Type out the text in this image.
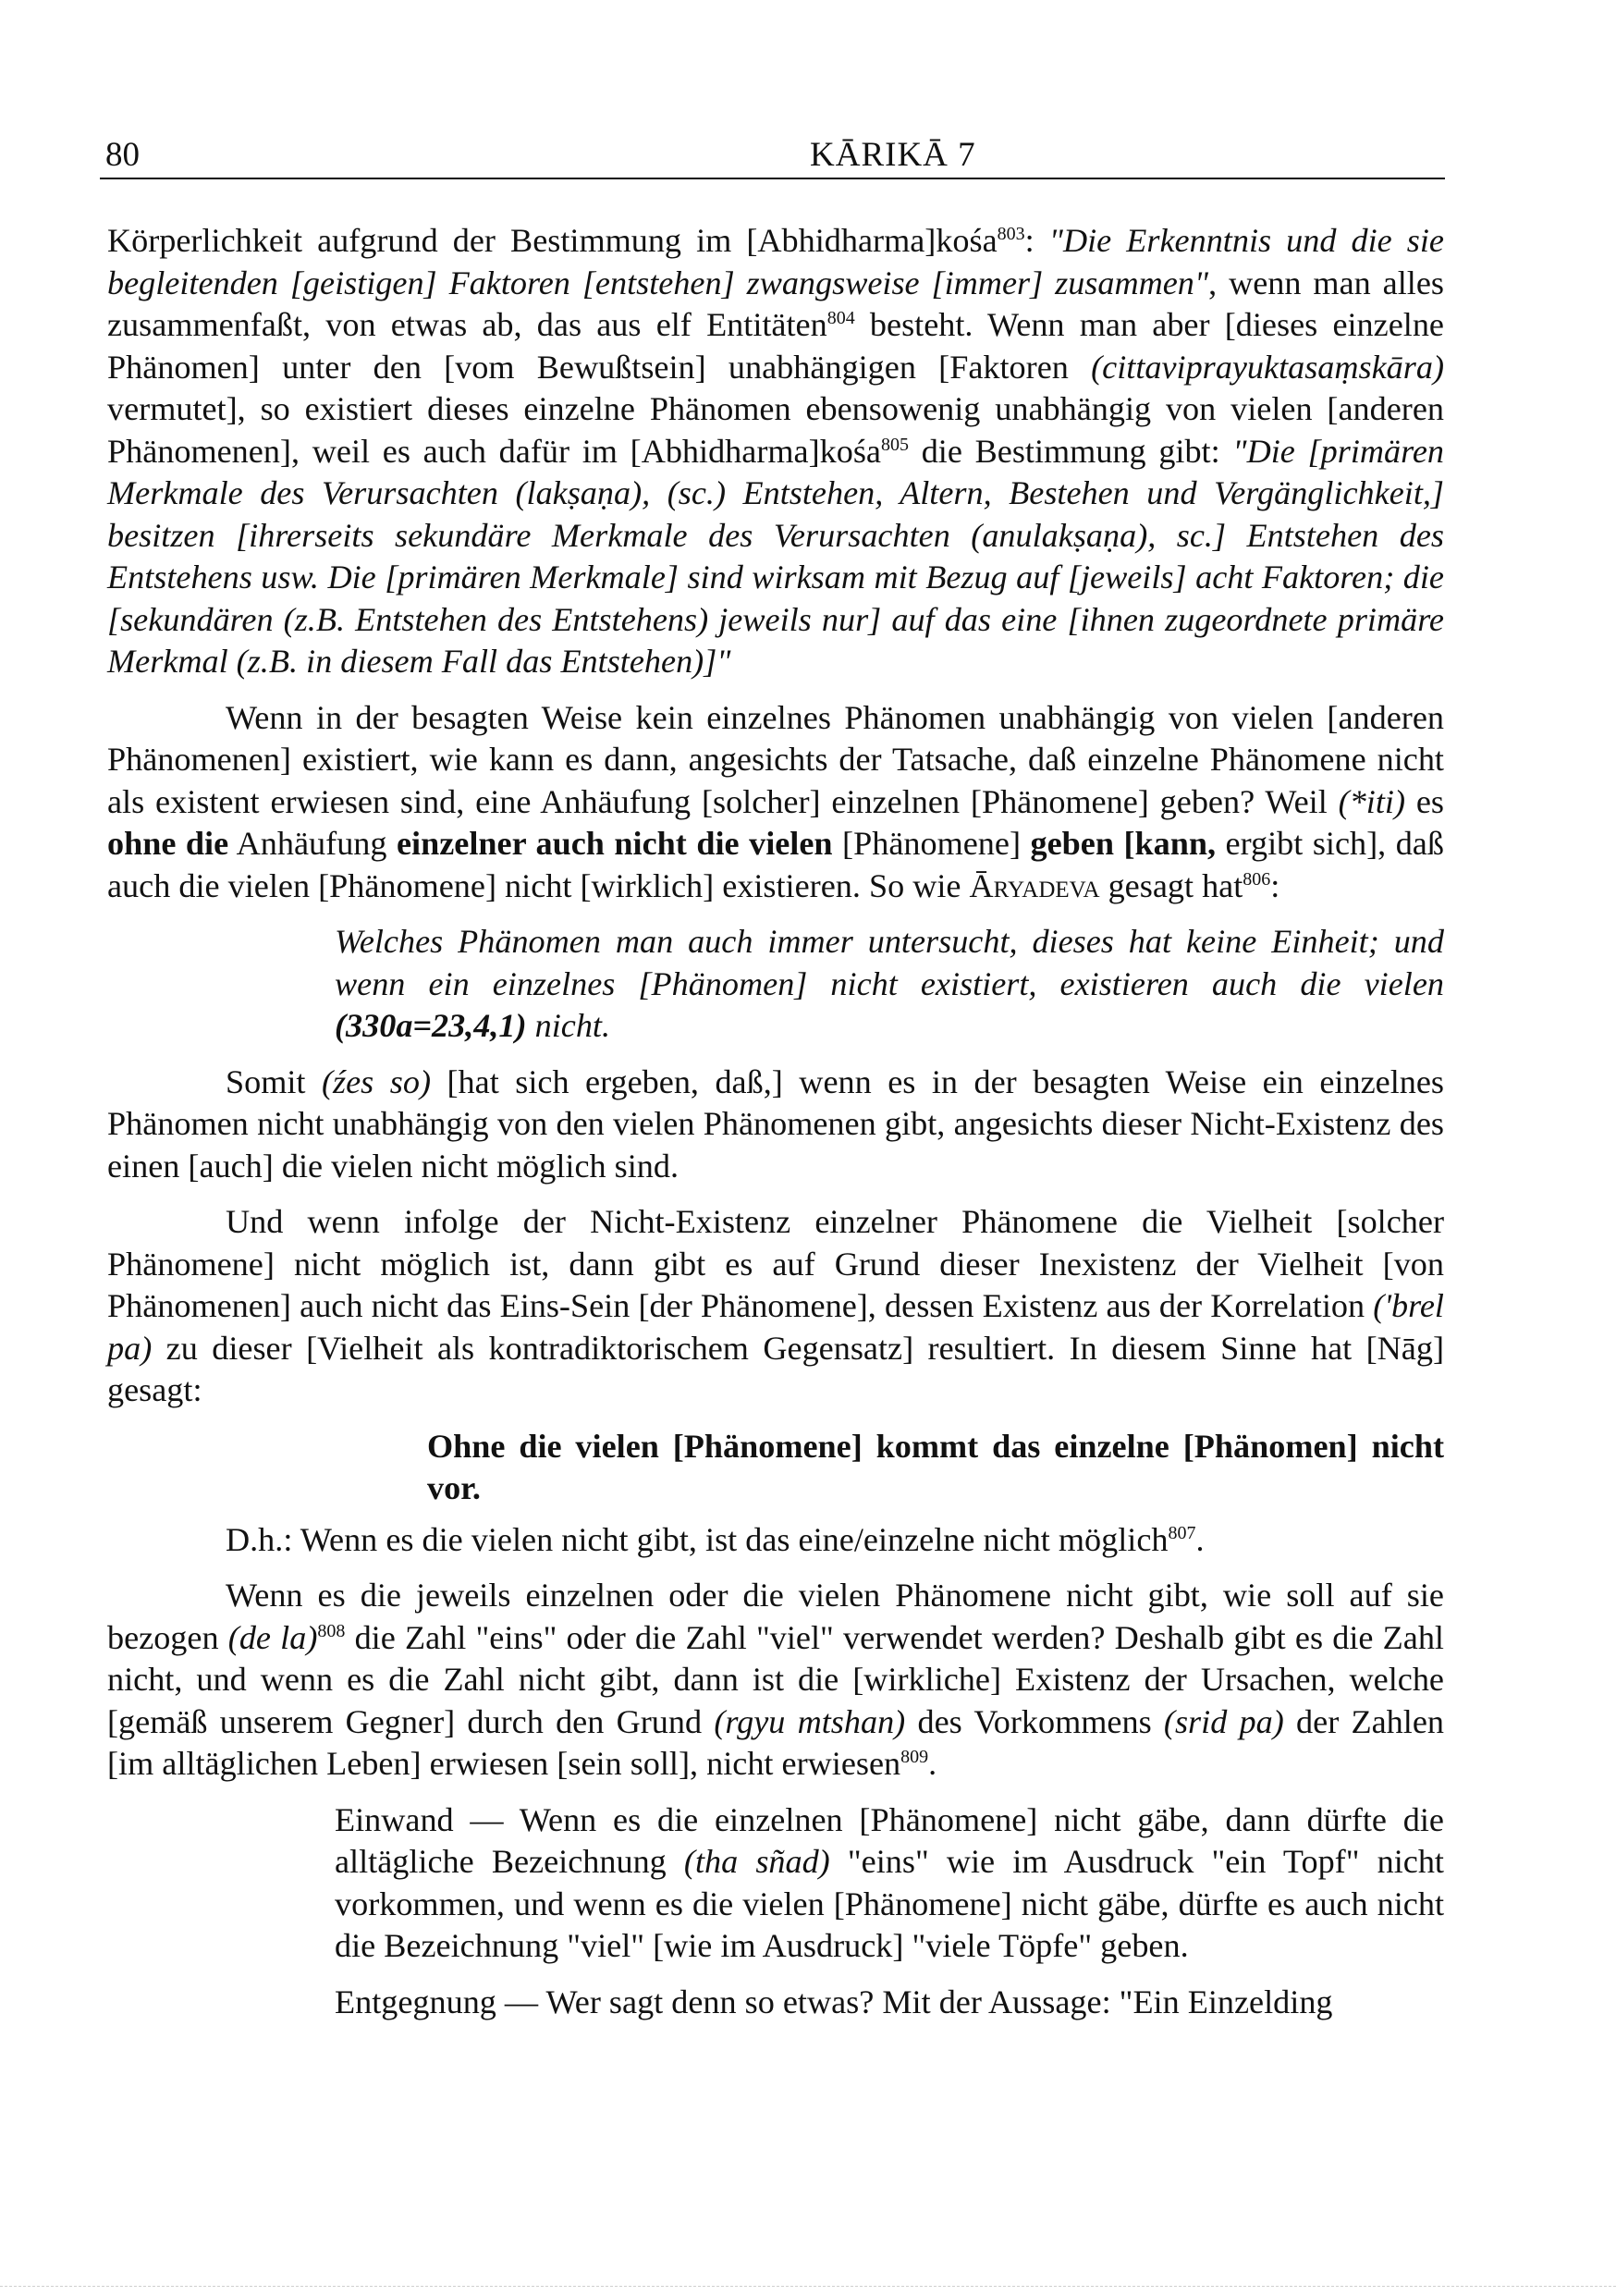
80	KĀRIKĀ 7

Körperlichkeit aufgrund der Bestimmung im [Abhidharma]kośa$^{803}$: "Die Erkenntnis und die sie begleitenden [geistigen] Faktoren [entstehen] zwangsweise [immer] zusammen", wenn man alles zusammenfaßt, von etwas ab, das aus elf Entitäten$^{804}$ besteht. Wenn man aber [dieses einzelne Phänomen] unter den [vom Bewußtsein] unabhängigen [Faktoren (cittaviprayuktasaṃskāra) vermutet], so existiert dieses einzelne Phänomen ebensowenig unabhängig von vielen [anderen Phänomenen], weil es auch dafür im [Abhidharma]kośa$^{805}$ die Bestimmung gibt: "Die [primären Merkmale des Verursachten (lakṣaṇa), (sc.) Entstehen, Altern, Bestehen und Vergänglichkeit,] besitzen [ihrerseits sekundäre Merkmale des Verursachten (anulakṣaṇa), sc.] Entstehen des Entstehens usw. Die [primären Merkmale] sind wirksam mit Bezug auf [jeweils] acht Faktoren; die [sekundären (z.B. Entstehen des Entstehens) jeweils nur] auf das eine [ihnen zugeordnete primäre Merkmal (z.B. in diesem Fall das Entstehen)]"

Wenn in der besagten Weise kein einzelnes Phänomen unabhängig von vielen [anderen Phänomenen] existiert, wie kann es dann, angesichts der Tatsache, daß einzelne Phänomene nicht als existent erwiesen sind, eine Anhäufung [solcher] einzelnen [Phänomene] geben? Weil (*iti) es ohne die Anhäufung einzelner auch nicht die vielen [Phänomene] geben [kann, ergibt sich], daß auch die vielen [Phänomene] nicht [wirklich] existieren. So wie Āryadeva gesagt hat$^{806}$:

Welches Phänomen man auch immer untersucht, dieses hat keine Einheit; und wenn ein einzelnes [Phänomen] nicht existiert, existieren auch die vielen (330a=23,4,1) nicht.

Somit (źes so) [hat sich ergeben, daß,] wenn es in der besagten Weise ein einzelnes Phänomen nicht unabhängig von den vielen Phänomenen gibt, angesichts dieser Nicht-Existenz des einen [auch] die vielen nicht möglich sind.

Und wenn infolge der Nicht-Existenz einzelner Phänomene die Vielheit [solcher Phänomene] nicht möglich ist, dann gibt es auf Grund dieser Inexistenz der Vielheit [von Phänomenen] auch nicht das Eins-Sein [der Phänomene], dessen Existenz aus der Korrelation ('brel pa) zu dieser [Vielheit als kontradiktorischem Gegensatz] resultiert. In diesem Sinne hat [Nāg] gesagt:

Ohne die vielen [Phänomene] kommt das einzelne [Phänomen] nicht vor.

D.h.: Wenn es die vielen nicht gibt, ist das eine/einzelne nicht möglich$^{807}$.

Wenn es die jeweils einzelnen oder die vielen Phänomene nicht gibt, wie soll auf sie bezogen (de la)$^{808}$ die Zahl "eins" oder die Zahl "viel" verwendet werden? Deshalb gibt es die Zahl nicht, und wenn es die Zahl nicht gibt, dann ist die [wirkliche] Existenz der Ursachen, welche [gemäß unserem Gegner] durch den Grund (rgyu mtshan) des Vorkommens (srid pa) der Zahlen [im alltäglichen Leben] erwiesen [sein soll], nicht erwiesen$^{809}$.

Einwand — Wenn es die einzelnen [Phänomene] nicht gäbe, dann dürfte die alltägliche Bezeichnung (tha sñad) "eins" wie im Ausdruck "ein Topf" nicht vorkommen, und wenn es die vielen [Phänomene] nicht gäbe, dürfte es auch nicht die Bezeichnung "viel" [wie im Ausdruck] "viele Töpfe" geben.

Entgegnung — Wer sagt denn so etwas? Mit der Aussage: "Ein Einzelding
